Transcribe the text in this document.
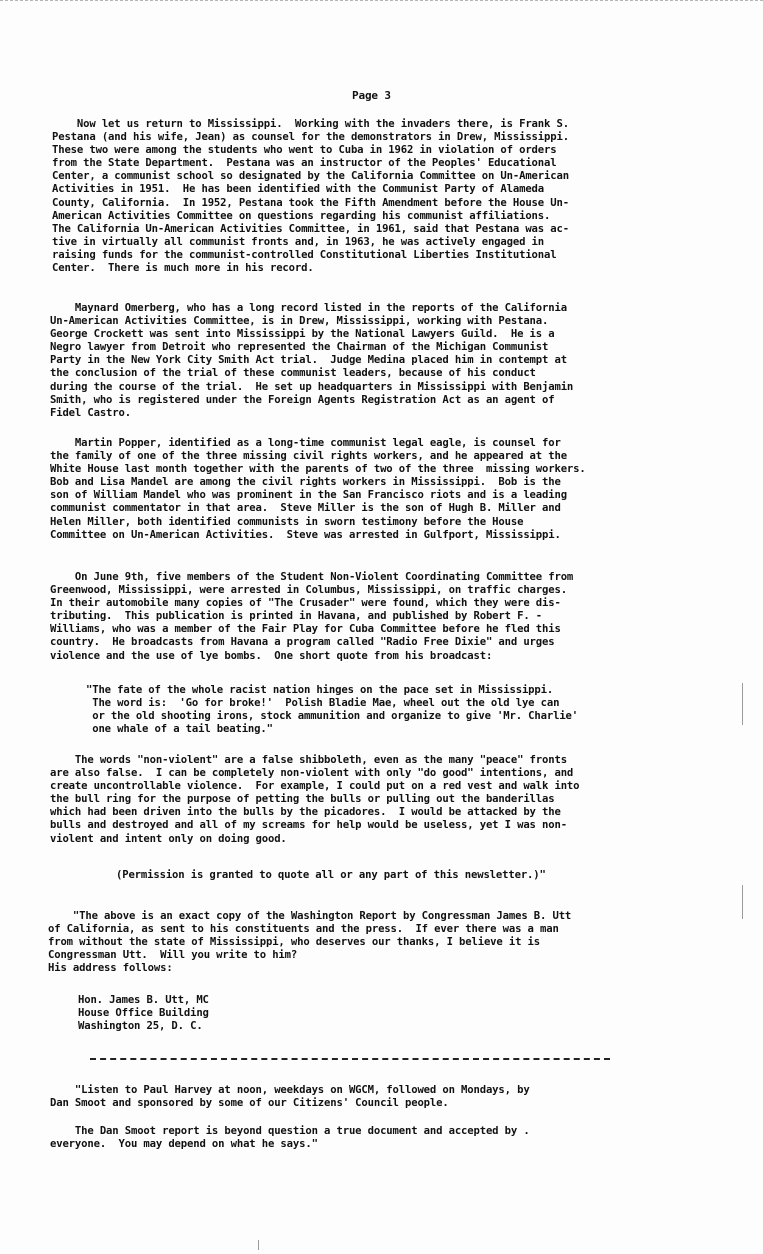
Page 3

Now let us return to Mississippi.  Working with the invaders there, is Frank S.
Pestana (and his wife, Jean) as counsel for the demonstrators in Drew, Mississippi.
These two were among the students who went to Cuba in 1962 in violation of orders
from the State Department.  Pestana was an instructor of the Peoples' Educational
Center, a communist school so designated by the California Committee on Un-American
Activities in 1951.  He has been identified with the Communist Party of Alameda
County, California.  In 1952, Pestana took the Fifth Amendment before the House Un-
American Activities Committee on questions regarding his communist affiliations.
The California Un-American Activities Committee, in 1961, said that Pestana was ac-
tive in virtually all communist fronts and, in 1963, he was actively engaged in
raising funds for the communist-controlled Constitutional Liberties Institutional
Center.  There is much more in his record.

Maynard Omerberg, who has a long record listed in the reports of the California
Un-American Activities Committee, is in Drew, Mississippi, working with Pestana.
George Crockett was sent into Mississippi by the National Lawyers Guild.  He is a
Negro lawyer from Detroit who represented the Chairman of the Michigan Communist
Party in the New York City Smith Act trial.  Judge Medina placed him in contempt at
the conclusion of the trial of these communist leaders, because of his conduct
during the course of the trial.  He set up headquarters in Mississippi with Benjamin
Smith, who is registered under the Foreign Agents Registration Act as an agent of
Fidel Castro.

Martin Popper, identified as a long-time communist legal eagle, is counsel for
the family of one of the three missing civil rights workers, and he appeared at the
White House last month together with the parents of two of the three  missing workers.
Bob and Lisa Mandel are among the civil rights workers in Mississippi.  Bob is the
son of William Mandel who was prominent in the San Francisco riots and is a leading
communist commentator in that area.  Steve Miller is the son of Hugh B. Miller and
Helen Miller, both identified communists in sworn testimony before the House
Committee on Un-American Activities.  Steve was arrested in Gulfport, Mississippi.

On June 9th, five members of the Student Non-Violent Coordinating Committee from
Greenwood, Mississippi, were arrested in Columbus, Mississippi, on traffic charges.
In their automobile many copies of "The Crusader" were found, which they were dis-
tributing.  This publication is printed in Havana, and published by Robert F. -
Williams, who was a member of the Fair Play for Cuba Committee before he fled this
country.  He broadcasts from Havana a program called "Radio Free Dixie" and urges
violence and the use of lye bombs.  One short quote from his broadcast:

"The fate of the whole racist nation hinges on the pace set in Mississippi.
The word is:  'Go for broke!'  Polish Bladie Mae, wheel out the old lye can
or the old shooting irons, stock ammunition and organize to give 'Mr. Charlie'
one whale of a tail beating."

The words "non-violent" are a false shibboleth, even as the many "peace" fronts
are also false.  I can be completely non-violent with only "do good" intentions, and
create uncontrollable violence.  For example, I could put on a red vest and walk into
the bull ring for the purpose of petting the bulls or pulling out the banderillas
which had been driven into the bulls by the picadores.  I would be attacked by the
bulls and destroyed and all of my screams for help would be useless, yet I was non-
violent and intent only on doing good.

(Permission is granted to quote all or any part of this newsletter.)"

"The above is an exact copy of the Washington Report by Congressman James B. Utt
of California, as sent to his constituents and the press.  If ever there was a man
from without the state of Mississippi, who deserves our thanks, I believe it is
Congressman Utt.  Will you write to him?
His address follows:

Hon. James B. Utt, MC
House Office Building
Washington 25, D. C.

"Listen to Paul Harvey at noon, weekdays on WGCM, followed on Mondays, by
Dan Smoot and sponsored by some of our Citizens' Council people.

The Dan Smoot report is beyond question a true document and accepted by .
everyone.  You may depend on what he says."
